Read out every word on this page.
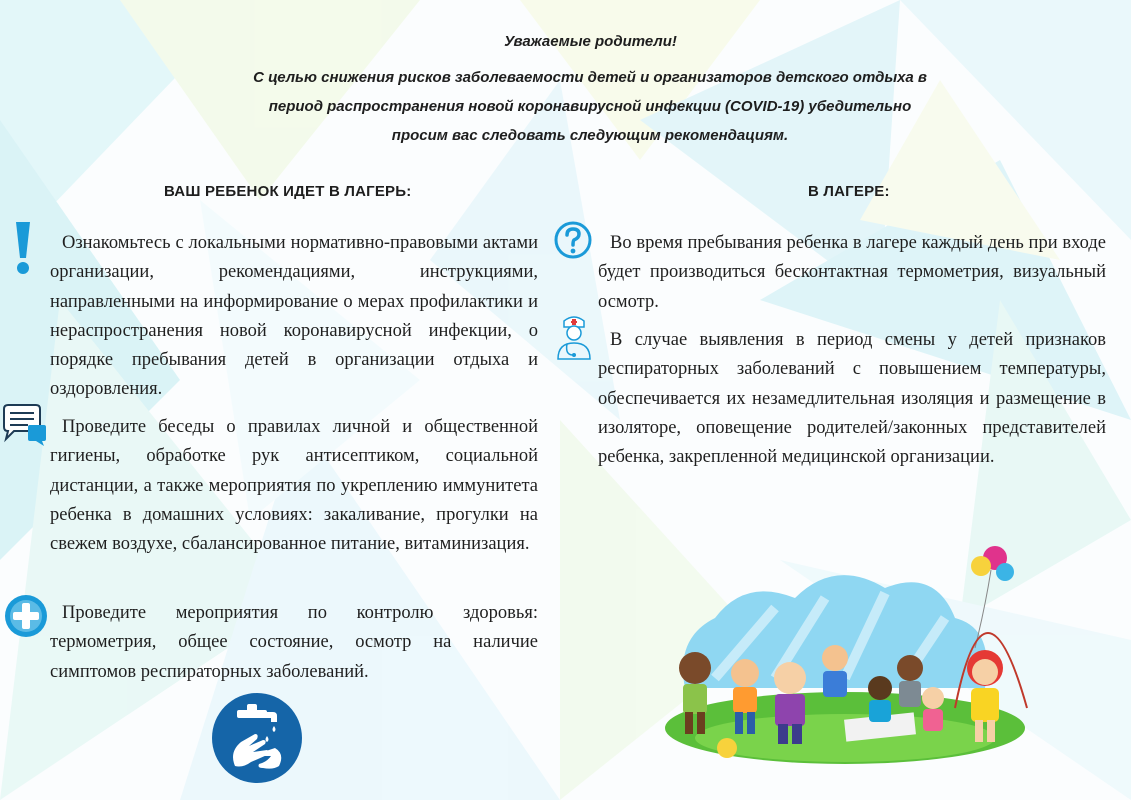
Уважаемые родители!
С целью снижения рисков заболеваемости детей и организаторов детского отдыха в
период распространения новой коронавирусной инфекции (COVID-19) убедительно
просим вас следовать следующим рекомендациям.
ВАШ РЕБЕНОК ИДЕТ В ЛАГЕРЬ:	В ЛАГЕРЕ:

Ознакомьтесь с локальными нормативно-правовыми актами организации, рекомендациями, инструкциями, направленными на информирование о мерах профилактики и нераспространения новой коронавирусной инфекции, о порядке пребывания детей в организации отдыха и оздоровления.

Проведите беседы о правилах личной и общественной гигиены, обработке рук антисептиком, социальной дистанции, а также мероприятия по укреплению иммунитета ребенка в домашних условиях: закаливание, прогулки на свежем воздухе, сбалансированное питание, витаминизация.

Проведите мероприятия по контролю здоровья: термометрия, общее состояние, осмотр на наличие симптомов респираторных заболеваний.

Во время пребывания ребенка в лагере каждый день при входе будет производиться бесконтактная термометрия, визуальный осмотр.

В случае выявления в период смены у детей признаков респираторных заболеваний с повышением температуры, обеспечивается их незамедлительная изоляция и размещение в изоляторе, оповещение родителей/законных представителей ребенка, закрепленной медицинской организации.
